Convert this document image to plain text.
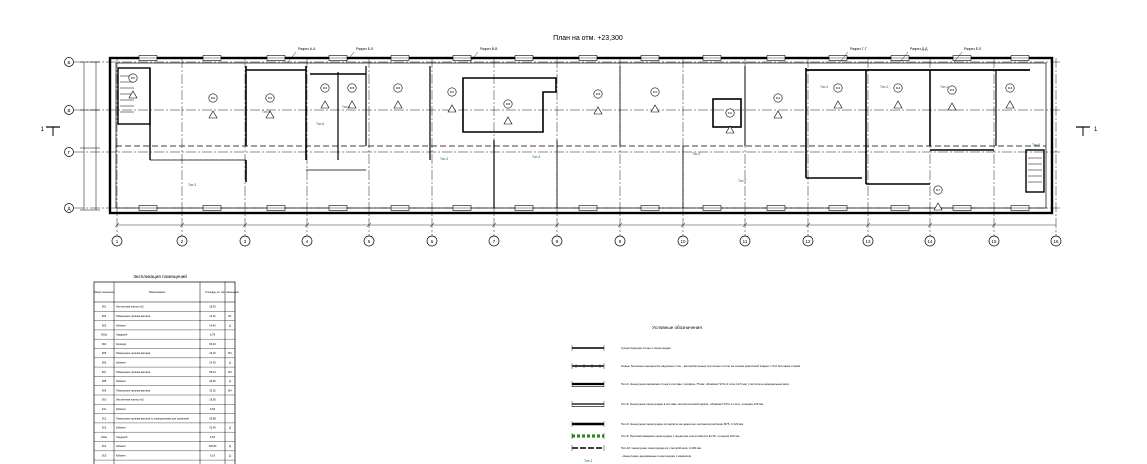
План на отм. +23,300
1	1
Б
В
Г
Д
1	2	3	4	5	6	7	8	9	10	11	12	13	14	15	16
Разрез А-А	Разрез Б-Б	Разрез В-В	Разрез Г-Г	Разрез Д-Д	Разрез Е-Е
901
902	903
904	905	906
907
908
909
910
911
912
913	914
915
916
917
Тип-3
Тип-6
Тип-6
Тип-4
Тип-3	Тип-3
Тип-4
Тип-3
Тип-4	Тип-4	Тип-4
Тип-6
Экспликация помещений
Номер помещения	Наименование	Площадь, м² Кат. помещения
901	Лестничная клетка №1	18,90
902	Помещение приема вагонов	12,31	Б1
903	Кабинет	24,46	Д
903a	Гардероб	6,78
904	Коридор	96,23
905	Помещение приема вагонов	43,19	В4
906	Кабинет	24,35	Д
907	Помещение приема вагонов	58,14	В4
908	Кабинет	36,02	Д
909	Помещение приема вагонов	32,02	В4
910	Лестничная клетка №2	18,90
911	Кабинет	6,84
912	Помещение приема вагонов (с помещениями для хранения)	35,88
913	Кабинет	32,46	Д
913a	Гардероб	5,63
914	Кабинет	106,84	Д
915	Кабинет	6,19	Д
Условные обозначения
Существующие стены и перегородки
Новые бетонные перекрытия наружных стен - железобетонные пустотные плиты на основе кирпичной кладки, t=0,0 бетонная стяжка
Тип-4: Ненесущая каркасная стена в составе: профиль 75 мм; обшивка ГКЛ в 2 слоя 12,5 мм; утеплитель минеральная вата
Тип-6: Ненесущая перегородка в составе: металлический каркас, обшивка ГКЛ в 2 слоя, толщина 125 мм
Тип-3: Ненесущая перегородка из кирпича на цементно-песчаном растворе М75, t=120 мм
Тип-9: Противопожарная перегородка с пределом огнестойкости EI 45, толщина 100 мм
Тип-10: Ненесущая перегородка из стеклоблоков, t=100 мм
Тип-1
- Ненесущие деревянные перегородки с каркасом
